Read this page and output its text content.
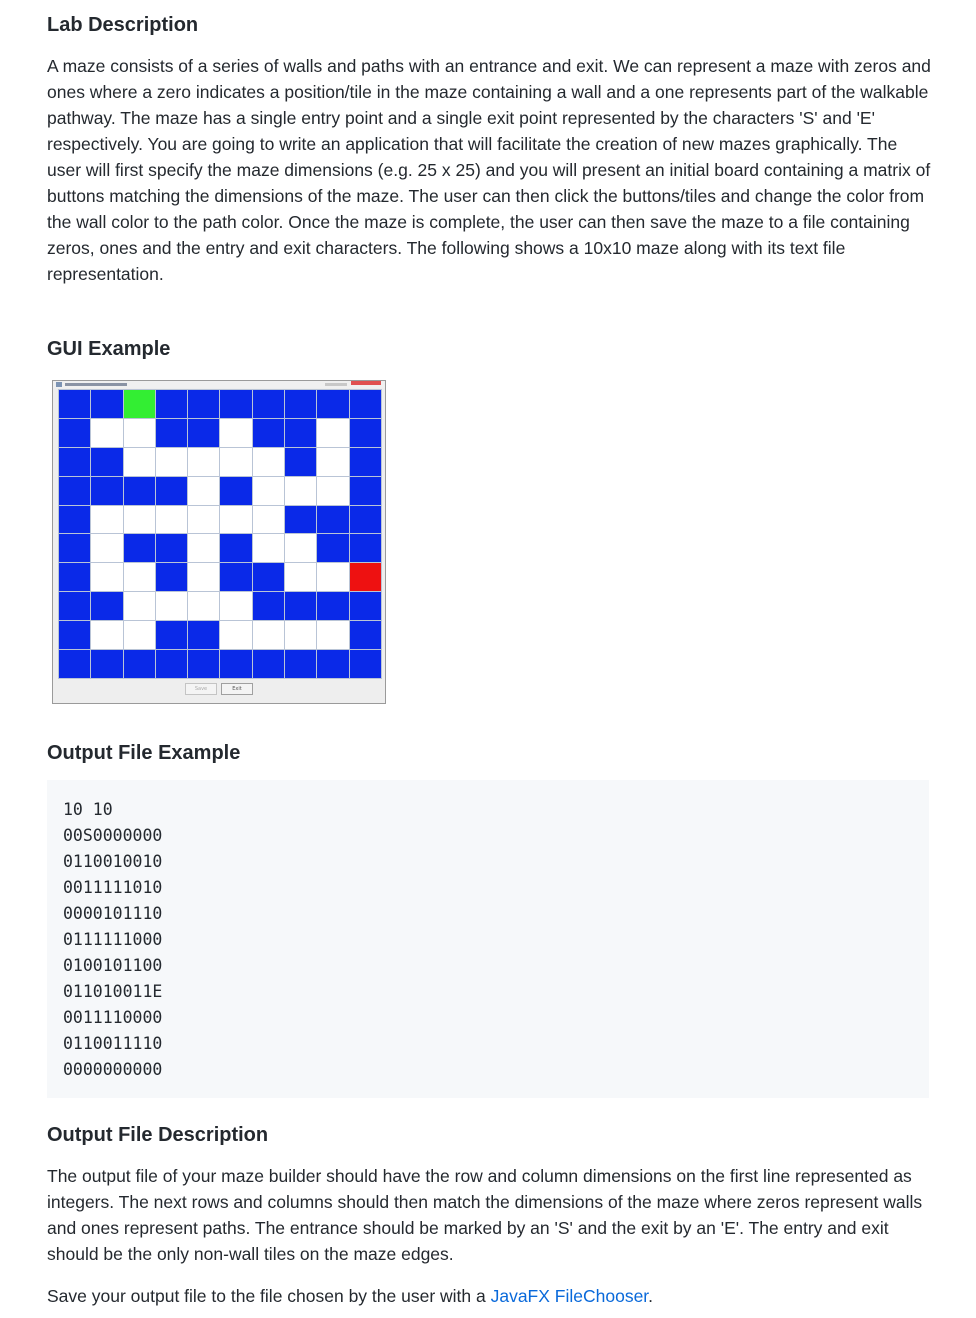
Lab Description

A maze consists of a series of walls and paths with an entrance and exit. We can represent a maze with zeros and ones where a zero indicates a position/tile in the maze containing a wall and a one represents part of the walkable pathway. The maze has a single entry point and a single exit point represented by the characters 'S' and 'E' respectively. You are going to write an application that will facilitate the creation of new mazes graphically. The user will first specify the maze dimensions (e.g. 25 x 25) and you will present an initial board containing a matrix of buttons matching the dimensions of the maze. The user can then click the buttons/tiles and change the color from the wall color to the path color. Once the maze is complete, the user can then save the maze to a file containing zeros, ones and the entry and exit characters. The following shows a 10x10 maze along with its text file representation.

GUI Example
Save	Exit
Output File Example
10 10
00S0000000
0110010010
0011111010
0000101110
0111111000
0100101100
011010011E
0011110000
0110011110
0000000000
Output File Description

The output file of your maze builder should have the row and column dimensions on the first line represented as integers. The next rows and columns should then match the dimensions of the maze where zeros represent walls and ones represent paths. The entrance should be marked by an 'S' and the exit by an 'E'. The entry and exit should be the only non-wall tiles on the maze edges.

Save your output file to the file chosen by the user with a JavaFX FileChooser.
